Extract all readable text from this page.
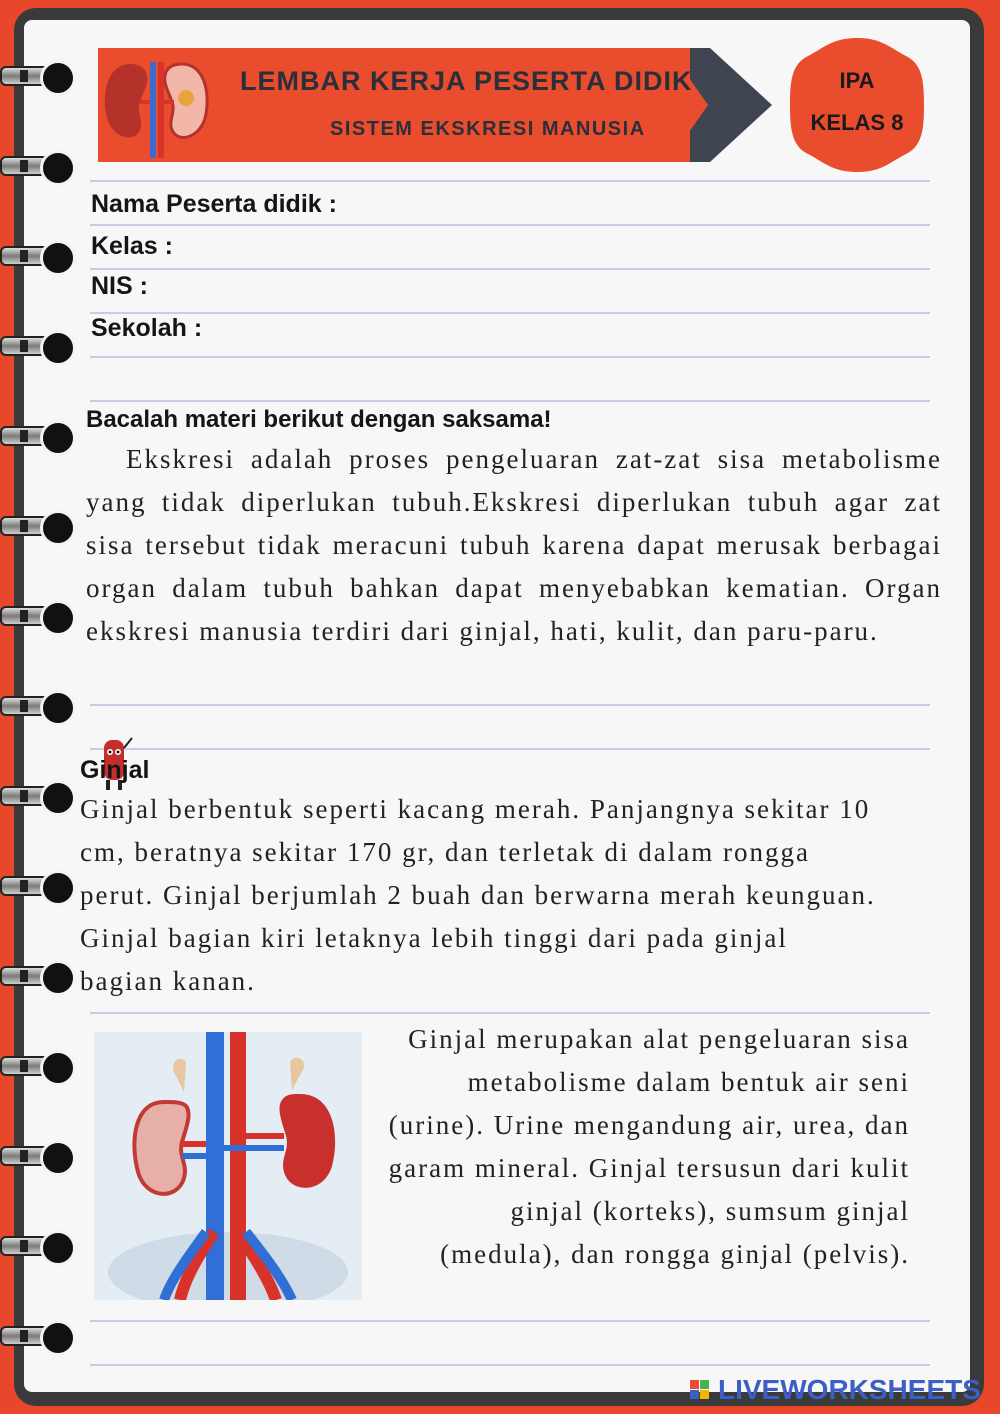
LEMBAR KERJA PESERTA DIDIK
SISTEM EKSKRESI MANUSIA
IPA
KELAS 8
Nama Peserta didik :
Kelas :
NIS :
Sekolah :
Bacalah materi berikut dengan saksama!
Ekskresi adalah proses pengeluaran zat-zat sisa metabolisme yang tidak diperlukan tubuh.Ekskresi diperlukan tubuh agar zat sisa tersebut tidak meracuni tubuh karena dapat merusak berbagai organ dalam tubuh bahkan dapat menyebabkan kematian. Organ ekskresi manusia terdiri dari ginjal, hati, kulit, dan paru-paru.
Ginjal
Ginjal berbentuk seperti kacang merah. Panjangnya sekitar 10 cm, beratnya sekitar 170 gr, dan terletak di dalam rongga perut. Ginjal berjumlah 2 buah dan berwarna merah keunguan. Ginjal bagian kiri letaknya lebih tinggi dari pada ginjal bagian kanan.
Ginjal merupakan alat pengeluaran sisa metabolisme dalam bentuk air seni (urine). Urine mengandung air, urea, dan garam mineral. Ginjal tersusun dari kulit ginjal (korteks), sumsum ginjal (medula), dan rongga ginjal (pelvis).
LIVEWORKSHEETS
